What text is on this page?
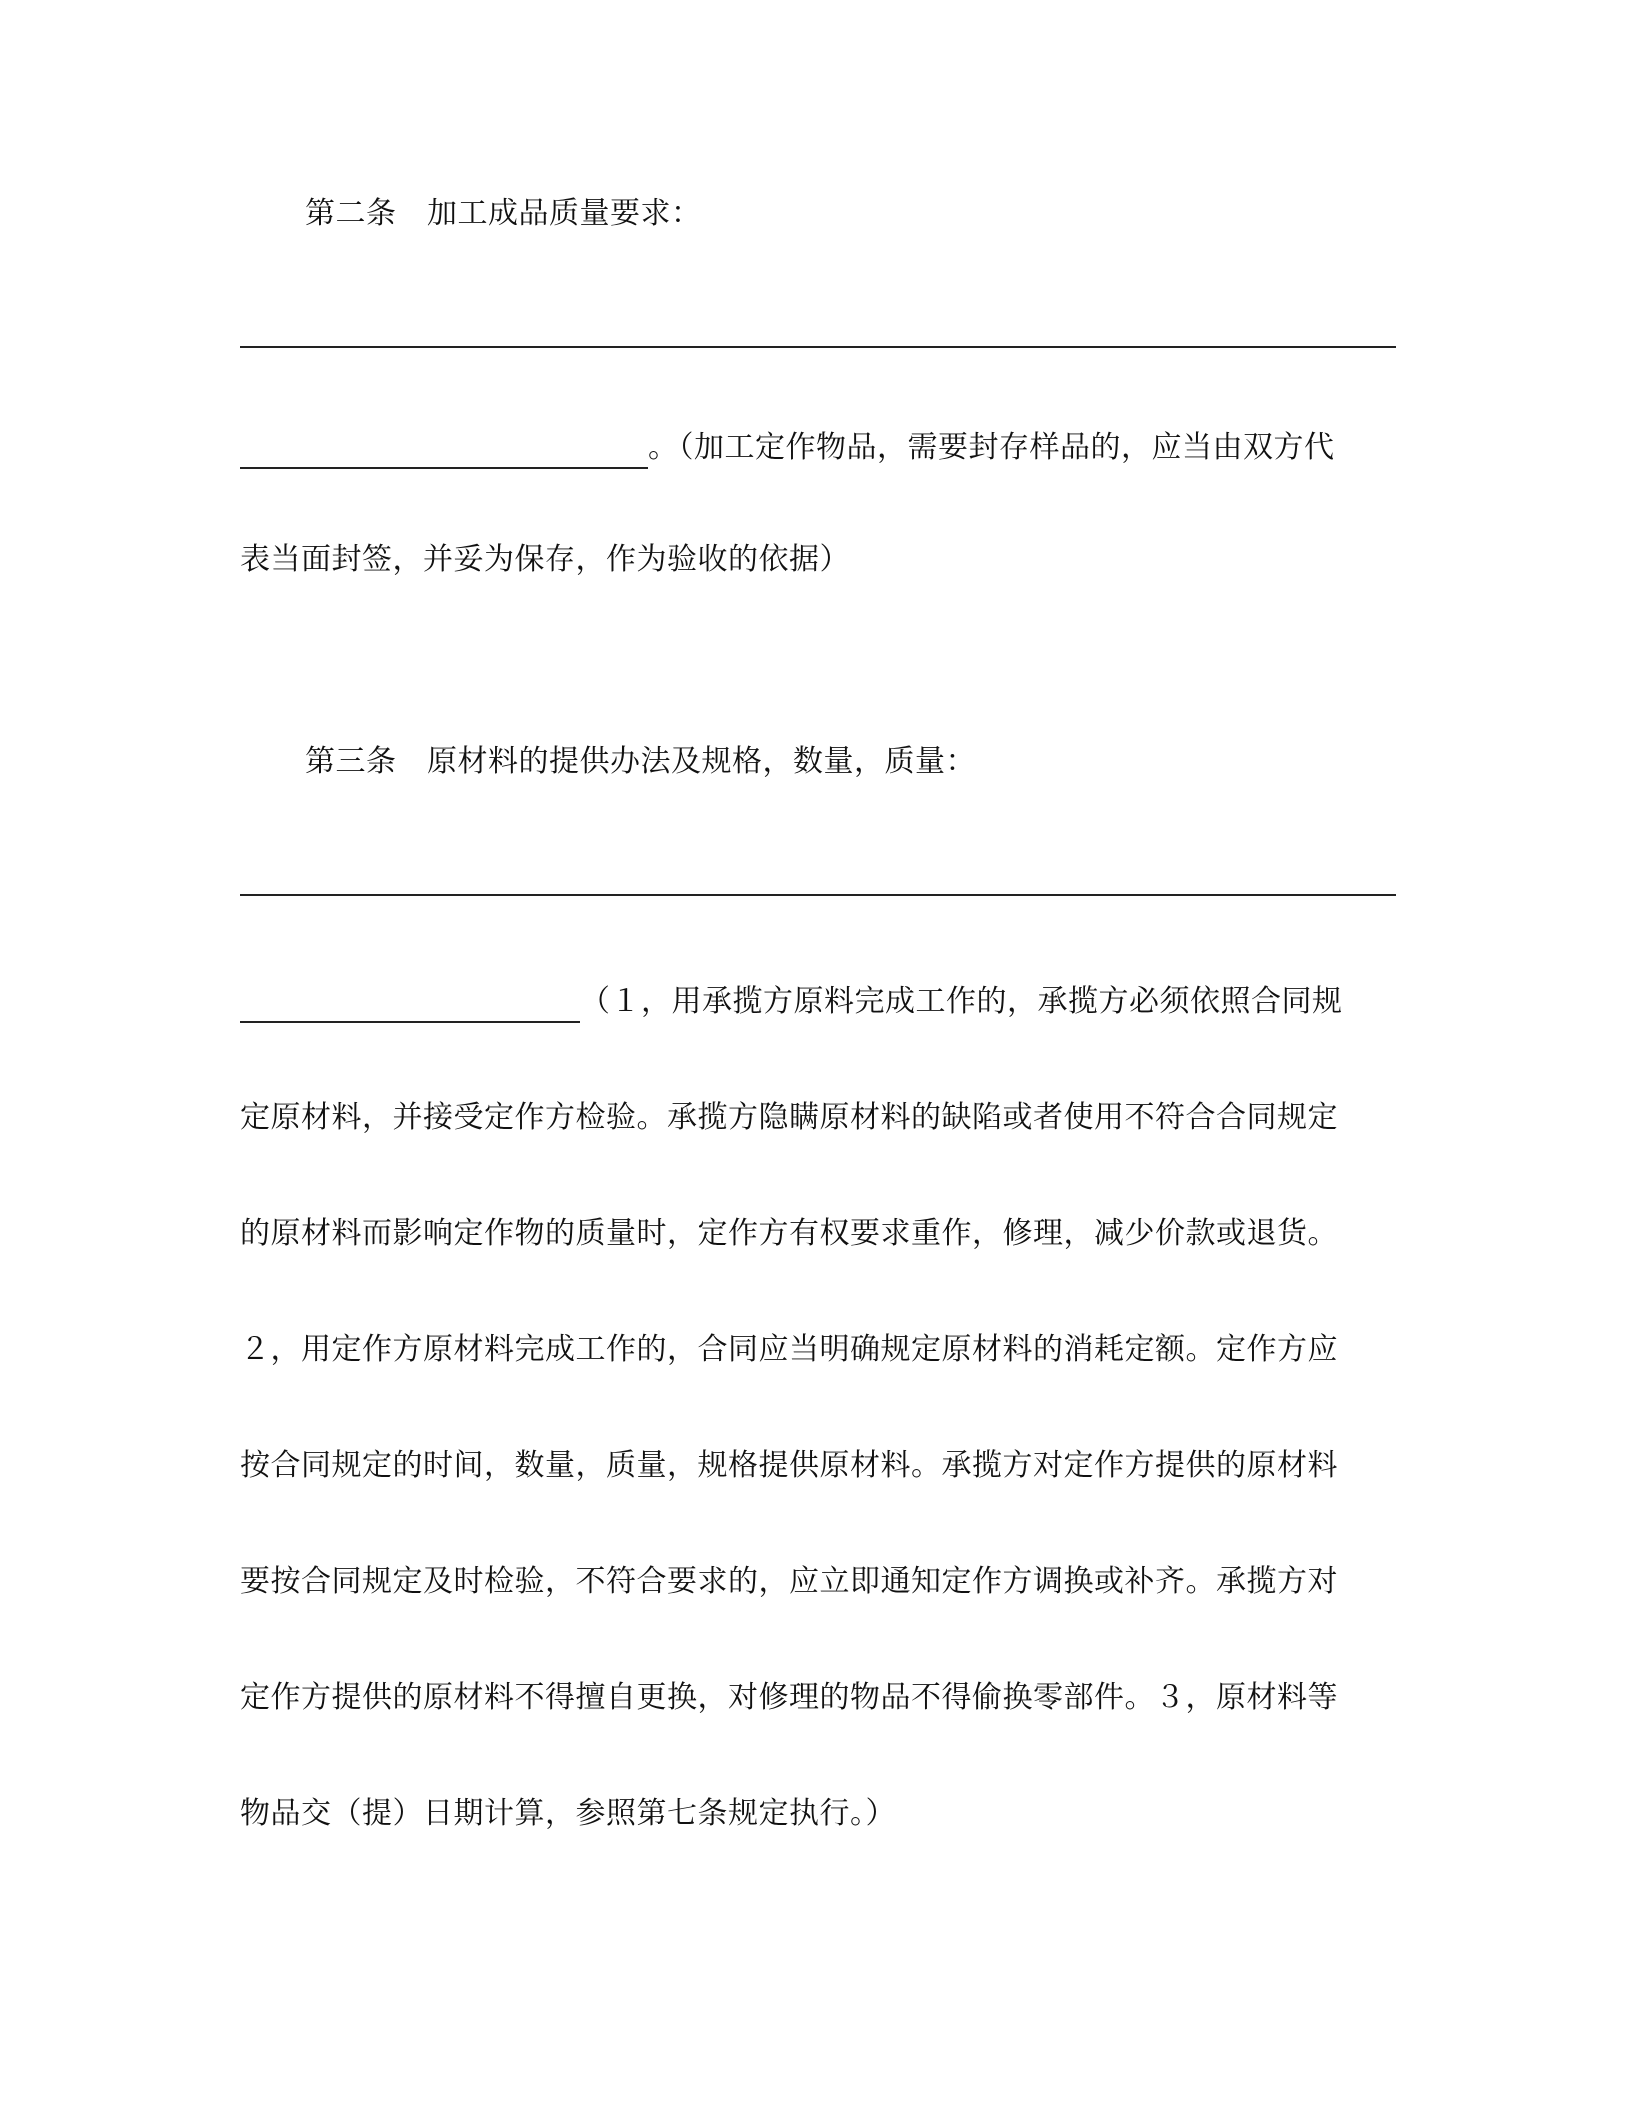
第二条　加工成品质量要求：
。（加工定作物品，需要封存样品的，应当由双方代
表当面封签，并妥为保存，作为验收的依据）
第三条　原材料的提供办法及规格，数量，质量：
（１，用承揽方原料完成工作的，承揽方必须依照合同规
定原材料，并接受定作方检验。承揽方隐瞒原材料的缺陷或者使用不符合合同规定
的原材料而影响定作物的质量时，定作方有权要求重作，修理，减少价款或退货。
２，用定作方原材料完成工作的，合同应当明确规定原材料的消耗定额。定作方应
按合同规定的时间，数量，质量，规格提供原材料。承揽方对定作方提供的原材料
要按合同规定及时检验，不符合要求的，应立即通知定作方调换或补齐。承揽方对
定作方提供的原材料不得擅自更换，对修理的物品不得偷换零部件。３，原材料等
物品交（提）日期计算，参照第七条规定执行。）
